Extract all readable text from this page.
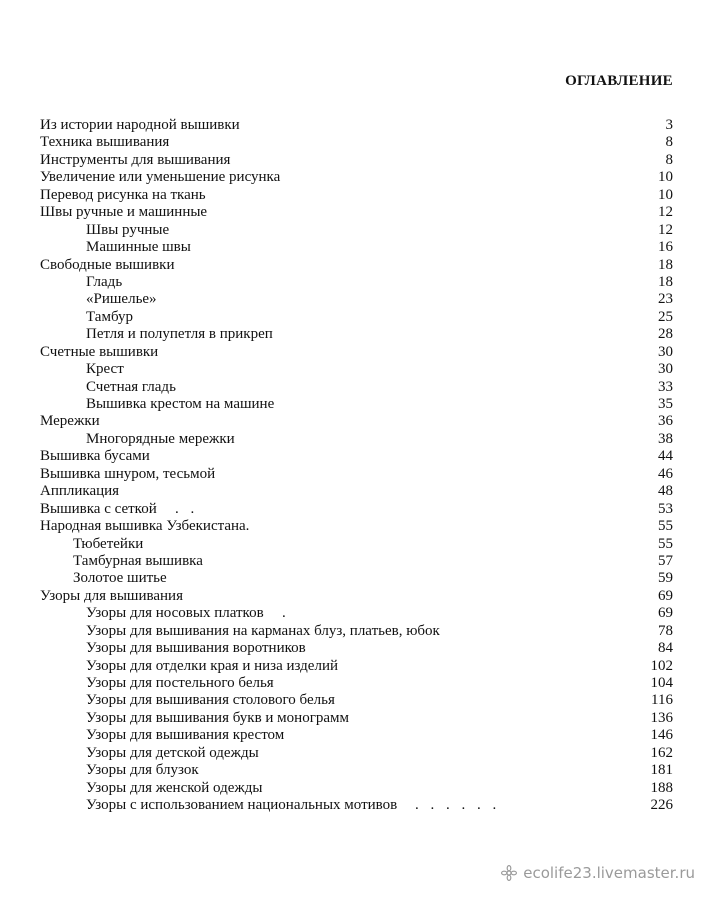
ОГЛАВЛЕНИЕ
Из истории народной вышивки	3
Техника вышивания	8
Инструменты для вышивания	8
Увеличение или уменьшение рисунка	10
Перевод рисунка на ткань	10
Швы ручные и машинные	12
Швы ручные	12
Машинные швы	16
Свободные вышивки	18
Гладь	18
«Ришелье»	23
Тамбур	25
Петля и полупетля в прикреп	28
Счетные вышивки	30
Крест	30
Счетная гладь	33
Вышивка крестом на машине	35
Мережки	36
Многорядные мережки	38
Вышивка бусами	44
Вышивка шнуром, тесьмой	46
Аппликация	48
Вышивка с сеткой . .	53
Народная вышивка Узбекистана.	55
Тюбетейки	55
Тамбурная вышивка	57
Золотое шитье	59
Узоры для вышивания	69
Узоры для носовых платков .	69
Узоры для вышивания на карманах блуз, платьев, юбок	78
Узоры для вышивания воротников	84
Узоры для отделки края и низа изделий	102
Узоры для постельного белья	104
Узоры для вышивания столового белья	116
Узоры для вышивания букв и монограмм	136
Узоры для вышивания крестом	146
Узоры для детской одежды	162
Узоры для блузок	181
Узоры для женской одежды	188
Узоры с использованием национальных мотивов . . . . . .	226
ecolife23.livemaster.ru
